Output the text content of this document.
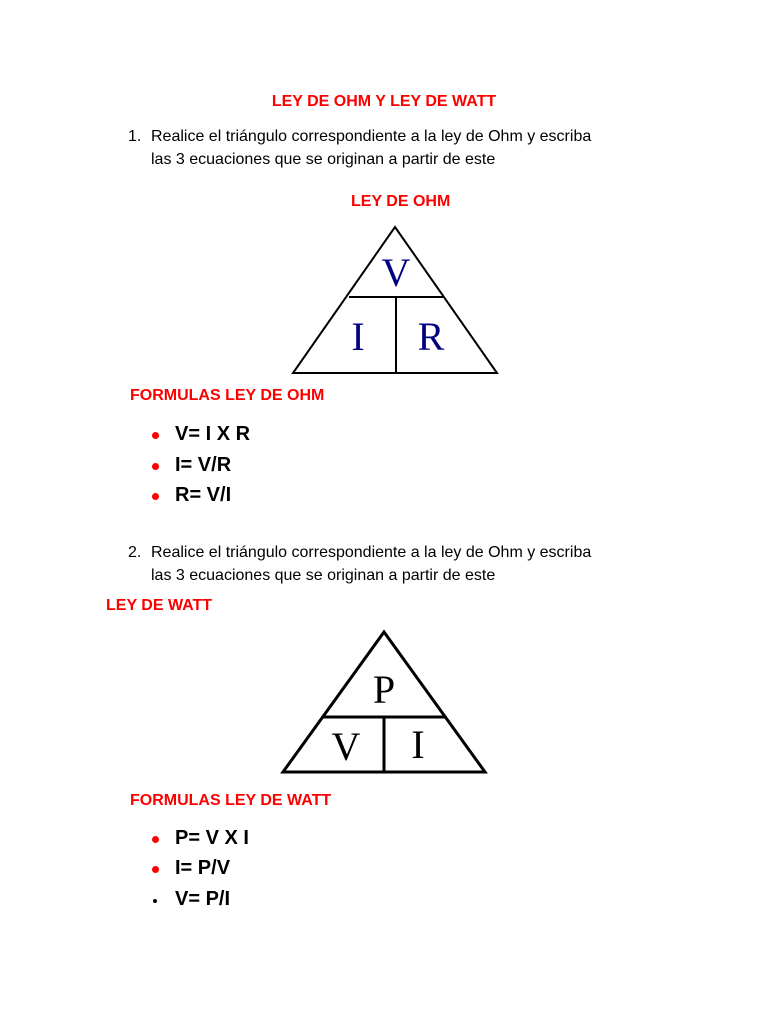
LEY DE OHM Y LEY DE WATT
1. Realice el triángulo correspondiente a la ley de Ohm y escriba
las 3 ecuaciones que se originan a partir de este
LEY DE OHM
V
I R
FORMULAS LEY DE OHM
V= I X R
I= V/R
R= V/I
2. Realice el triángulo correspondiente a la ley de Ohm y escriba
las 3 ecuaciones que se originan a partir de este
LEY DE WATT
P
V I
FORMULAS LEY DE WATT
P= V X I
I= P/V
V= P/I
